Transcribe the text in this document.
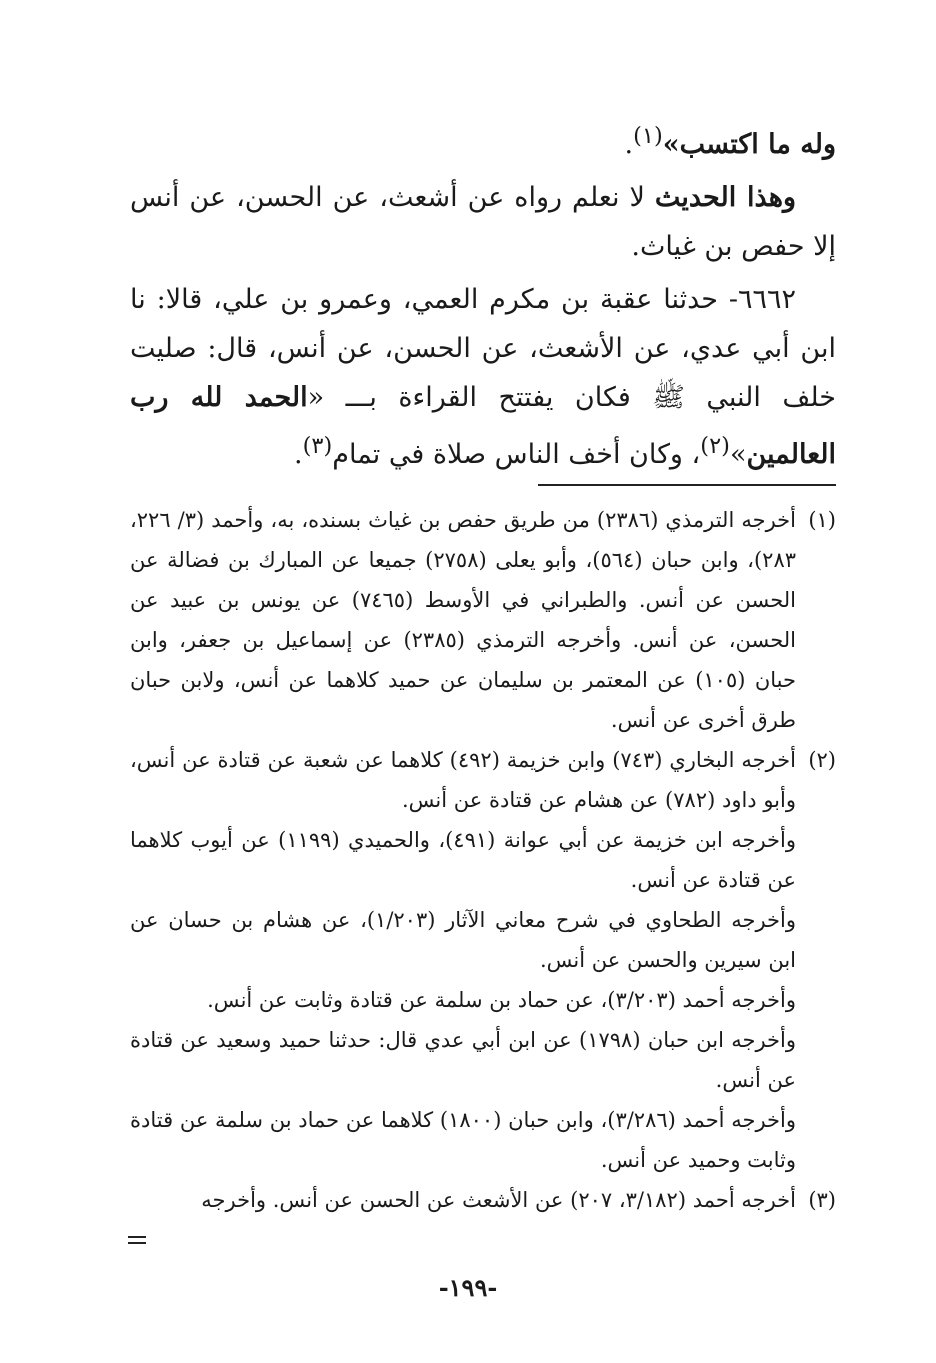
وله ما اكتسب»$^{(١)}$.

وهذا الحديث لا نعلم رواه عن أشعث، عن الحسن، عن أنس إلا حفص بن غياث.

٦٦٦٢- حدثنا عقبة بن مكرم العمي، وعمرو بن علي، قالا: نا ابن أبي عدي، عن الأشعث، عن الحسن، عن أنس، قال: صليت خلف النبي ﷺ فكان يفتتح القراءة بـــ «الحمد لله رب العالمين»$^{(٢)}$، وكان أخف الناس صلاة في تمام$^{(٣)}$.

(١)
أخرجه الترمذي (٢٣٨٦) من طريق حفص بن غياث بسنده، به، وأحمد (٣/ ٢٢٦، ٢٨٣)، وابن حبان (٥٦٤)، وأبو يعلى (٢٧٥٨) جميعا عن المبارك بن فضالة عن الحسن عن أنس. والطبراني في الأوسط (٧٤٦٥) عن يونس بن عبيد عن الحسن، عن أنس. وأخرجه الترمذي (٢٣٨٥) عن إسماعيل بن جعفر، وابن حبان (١٠٥) عن المعتمر بن سليمان عن حميد كلاهما عن أنس، ولابن حبان طرق أخرى عن أنس.

(٢)
أخرجه البخاري (٧٤٣) وابن خزيمة (٤٩٢) كلاهما عن شعبة عن قتادة عن أنس، وأبو داود (٧٨٢) عن هشام عن قتادة عن أنس.

وأخرجه ابن خزيمة عن أبي عوانة (٤٩١)، والحميدي (١١٩٩) عن أيوب كلاهما عن قتادة عن أنس.

وأخرجه الطحاوي في شرح معاني الآثار (١/٢٠٣)، عن هشام بن حسان عن ابن سيرين والحسن عن أنس.

وأخرجه أحمد (٣/٢٠٣)، عن حماد بن سلمة عن قتادة وثابت عن أنس.

وأخرجه ابن حبان (١٧٩٨) عن ابن أبي عدي قال: حدثنا حميد وسعيد عن قتادة عن أنس.

وأخرجه أحمد (٣/٢٨٦)، وابن حبان (١٨٠٠) كلاهما عن حماد بن سلمة عن قتادة وثابت وحميد عن أنس.

(٣)
أخرجه أحمد (٣/١٨٢، ٢٠٧) عن الأشعث عن الحسن عن أنس. وأخرجه

-١٩٩-
